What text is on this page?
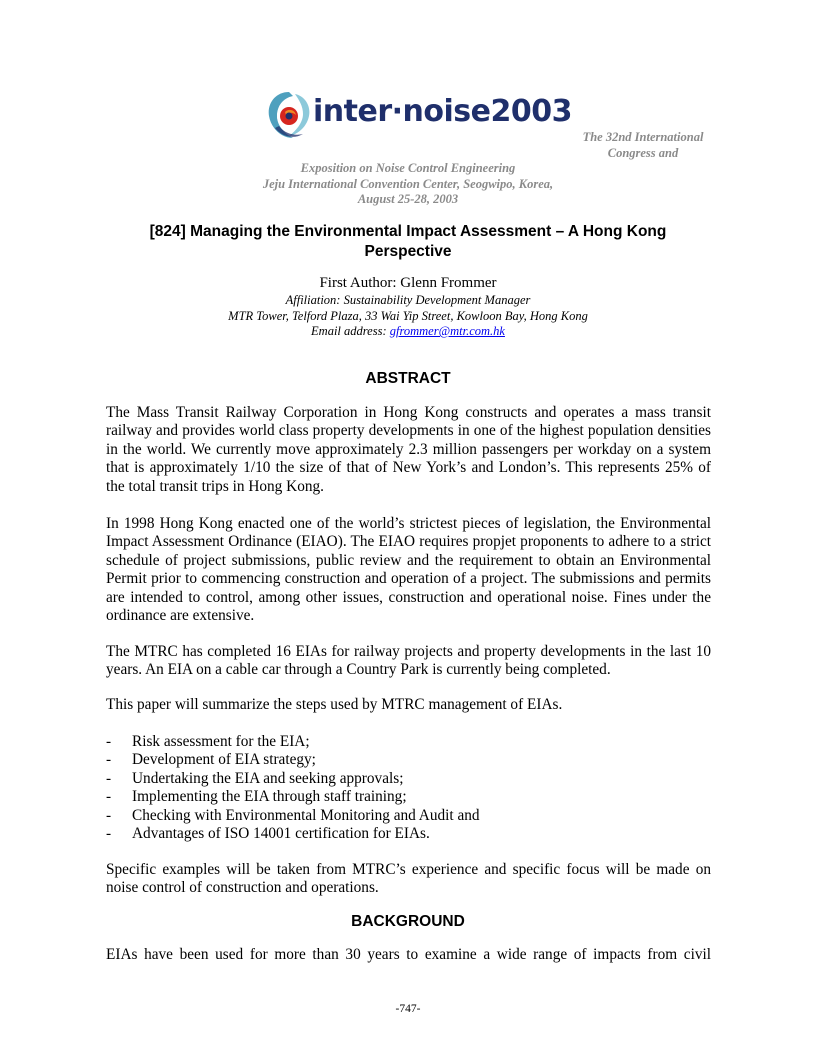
inter·noise2003
The 32nd International
Congress and
Exposition on Noise Control Engineering
Jeju International Convention Center, Seogwipo, Korea,
August 25-28, 2003
[824] Managing the Environmental Impact Assessment – A Hong Kong
Perspective
First Author: Glenn Frommer
Affiliation: Sustainability Development Manager
MTR Tower, Telford Plaza, 33 Wai Yip Street, Kowloon Bay, Hong Kong
Email address: gfrommer@mtr.com.hk
ABSTRACT
The Mass Transit Railway Corporation in Hong Kong constructs and operates a mass transit railway and provides world class property developments in one of the highest population densities in the world. We currently move approximately 2.3 million passengers per workday on a system that is approximately 1/10 the size of that of New York’s and London’s. This represents 25% of the total transit trips in Hong Kong.
In 1998 Hong Kong enacted one of the world’s strictest pieces of legislation, the Environmental Impact Assessment Ordinance (EIAO). The EIAO requires propjet proponents to adhere to a strict schedule of project submissions, public review and the requirement to obtain an Environmental Permit prior to commencing construction and operation of a project. The submissions and permits are intended to control, among other issues, construction and operational noise. Fines under the ordinance are extensive.
The MTRC has completed 16 EIAs for railway projects and property developments in the last 10 years. An EIA on a cable car through a Country Park is currently being completed.
This paper will summarize the steps used by MTRC management of EIAs.
- Risk assessment for the EIA;
- Development of EIA strategy;
- Undertaking the EIA and seeking approvals;
- Implementing the EIA through staff training;
- Checking with Environmental Monitoring and Audit and
- Advantages of ISO 14001 certification for EIAs.
Specific examples will be taken from MTRC’s experience and specific focus will be made on noise control of construction and operations.
BACKGROUND
EIAs have been used for more than 30 years to examine a wide range of impacts from civil
-747-
